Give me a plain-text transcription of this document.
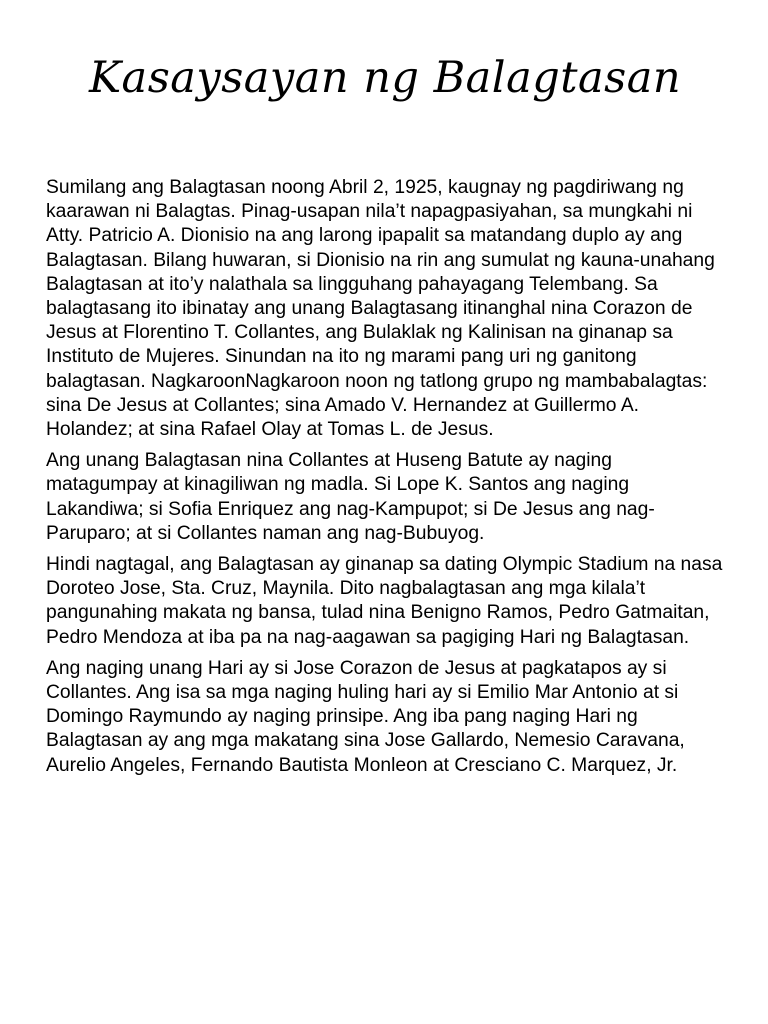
Kasaysayan ng Balagtasan

Sumilang ang Balagtasan noong Abril 2, 1925, kaugnay ng pagdiriwang ng kaarawan ni Balagtas. Pinag-usapan nila’t napagpasiyahan, sa mungkahi ni Atty. Patricio A. Dionisio na ang larong ipapalit sa matandang duplo ay ang Balagtasan. Bilang huwaran, si Dionisio na rin ang sumulat ng kauna-unahang Balagtasan at ito’y nalathala sa lingguhang pahayagang Telembang. Sa balagtasang ito ibinatay ang unang Balagtasang itinanghal nina Corazon de Jesus at Florentino T. Collantes, ang Bulaklak ng Kalinisan na ginanap sa Instituto de Mujeres. Sinundan na ito ng marami pang uri ng ganitong balagtasan. NagkaroonNagkaroon noon ng tatlong grupo ng mambabalagtas: sina De Jesus at Collantes; sina Amado V. Hernandez at Guillermo A. Holandez; at sina Rafael Olay at Tomas L. de Jesus.

Ang unang Balagtasan nina Collantes at Huseng Batute ay naging matagumpay at kinagiliwan ng madla. Si Lope K. Santos ang naging Lakandiwa; si Sofia Enriquez ang nag-Kampupot; si De Jesus ang nag-Paruparo; at si Collantes naman ang nag-Bubuyog.

Hindi nagtagal, ang Balagtasan ay ginanap sa dating Olympic Stadium na nasa Doroteo Jose, Sta. Cruz, Maynila. Dito nagbalagtasan ang mga kilala’t pangunahing makata ng bansa, tulad nina Benigno Ramos, Pedro Gatmaitan, Pedro Mendoza at iba pa na nag-aagawan sa pagiging Hari ng Balagtasan.

Ang naging unang Hari ay si Jose Corazon de Jesus at pagkatapos ay si Collantes. Ang isa sa mga naging huling hari ay si Emilio Mar Antonio at si Domingo Raymundo ay naging prinsipe. Ang iba pang naging Hari ng Balagtasan ay ang mga makatang sina Jose Gallardo, Nemesio Caravana, Aurelio Angeles, Fernando Bautista Monleon at Cresciano C. Marquez, Jr.
